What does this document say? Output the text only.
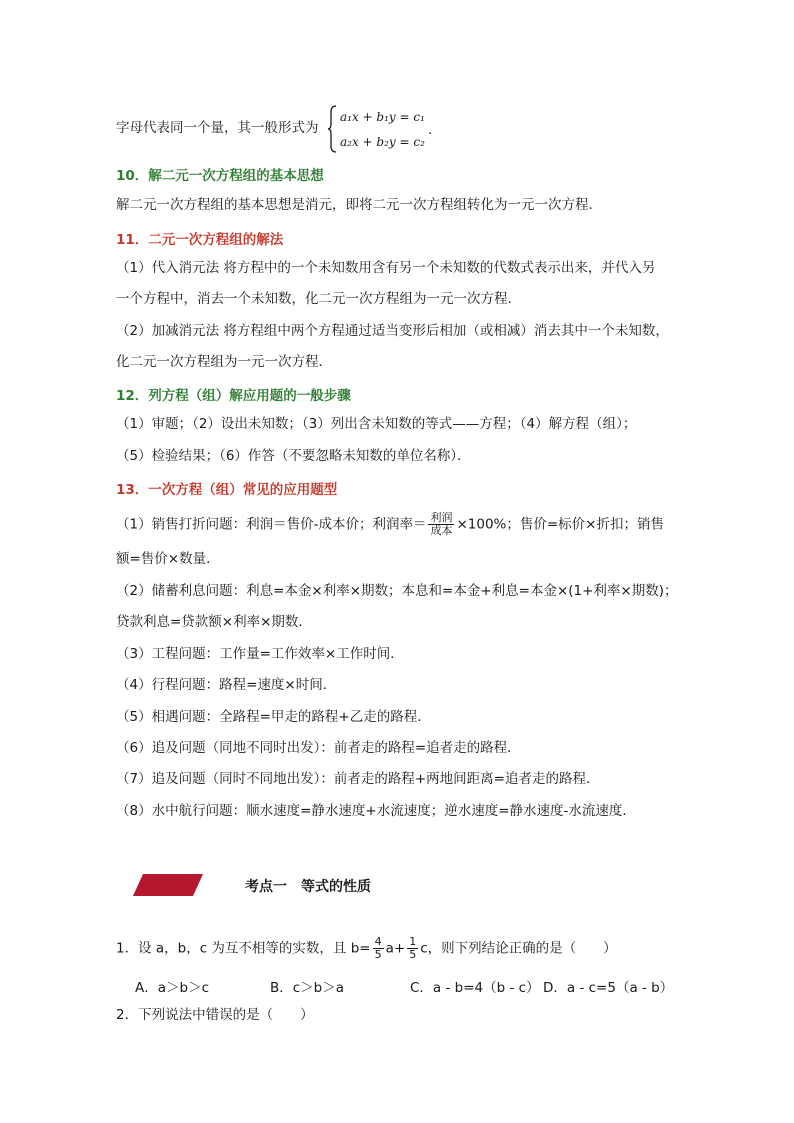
字母代表同一个量，其一般形式为
a₁x + b₁y = c₁
a₂x + b₂y = c₂
.
10．解二元一次方程组的基本思想
解二元一次方程组的基本思想是消元，即将二元一次方程组转化为一元一次方程．
11．二元一次方程组的解法
（1）代入消元法 将方程中的一个未知数用含有另一个未知数的代数式表示出来，并代入另
一个方程中，消去一个未知数，化二元一次方程组为一元一次方程．
（2）加减消元法 将方程组中两个方程通过适当变形后相加（或相减）消去其中一个未知数，
化二元一次方程组为一元一次方程．
12．列方程（组）解应用题的一般步骤
（1）审题；（2）设出未知数；（3）列出含未知数的等式——方程；（4）解方程（组）；
（5）检验结果；（6）作答（不要忽略未知数的单位名称）．
13．一次方程（组）常见的应用题型
（1）销售打折问题：利润＝售价-成本价；利润率＝ $\frac{\text{利润}}{\text{成本}} \times 100\%$；售价=标价×折扣；销售
额=售价×数量．
（2）储蓄利息问题：利息=本金×利率×期数；本息和=本金+利息=本金×(1+利率×期数)；
贷款利息=贷款额×利率×期数．
（3）工程问题：工作量=工作效率×工作时间．
（4）行程问题：路程=速度×时间．
（5）相遇问题：全路程=甲走的路程+乙走的路程．
（6）追及问题（同地不同时出发）：前者走的路程=追者走的路程．
（7）追及问题（同时不同地出发）：前者走的路程+两地间距离=追者走的路程．
（8）水中航行问题：顺水速度=静水速度+水流速度；逆水速度=静水速度-水流速度．
考点一　等式的性质
1．设 a，b，c 为互不相等的实数，且 $b= \frac{4}{5} a+ \frac{1}{5}$ c，则下列结论正确的是（　　）
A．a＞b＞c	B．c＞b＞a	C．a - b=4（b - c） D．a - c=5（a - b）
2．下列说法中错误的是（　　）
